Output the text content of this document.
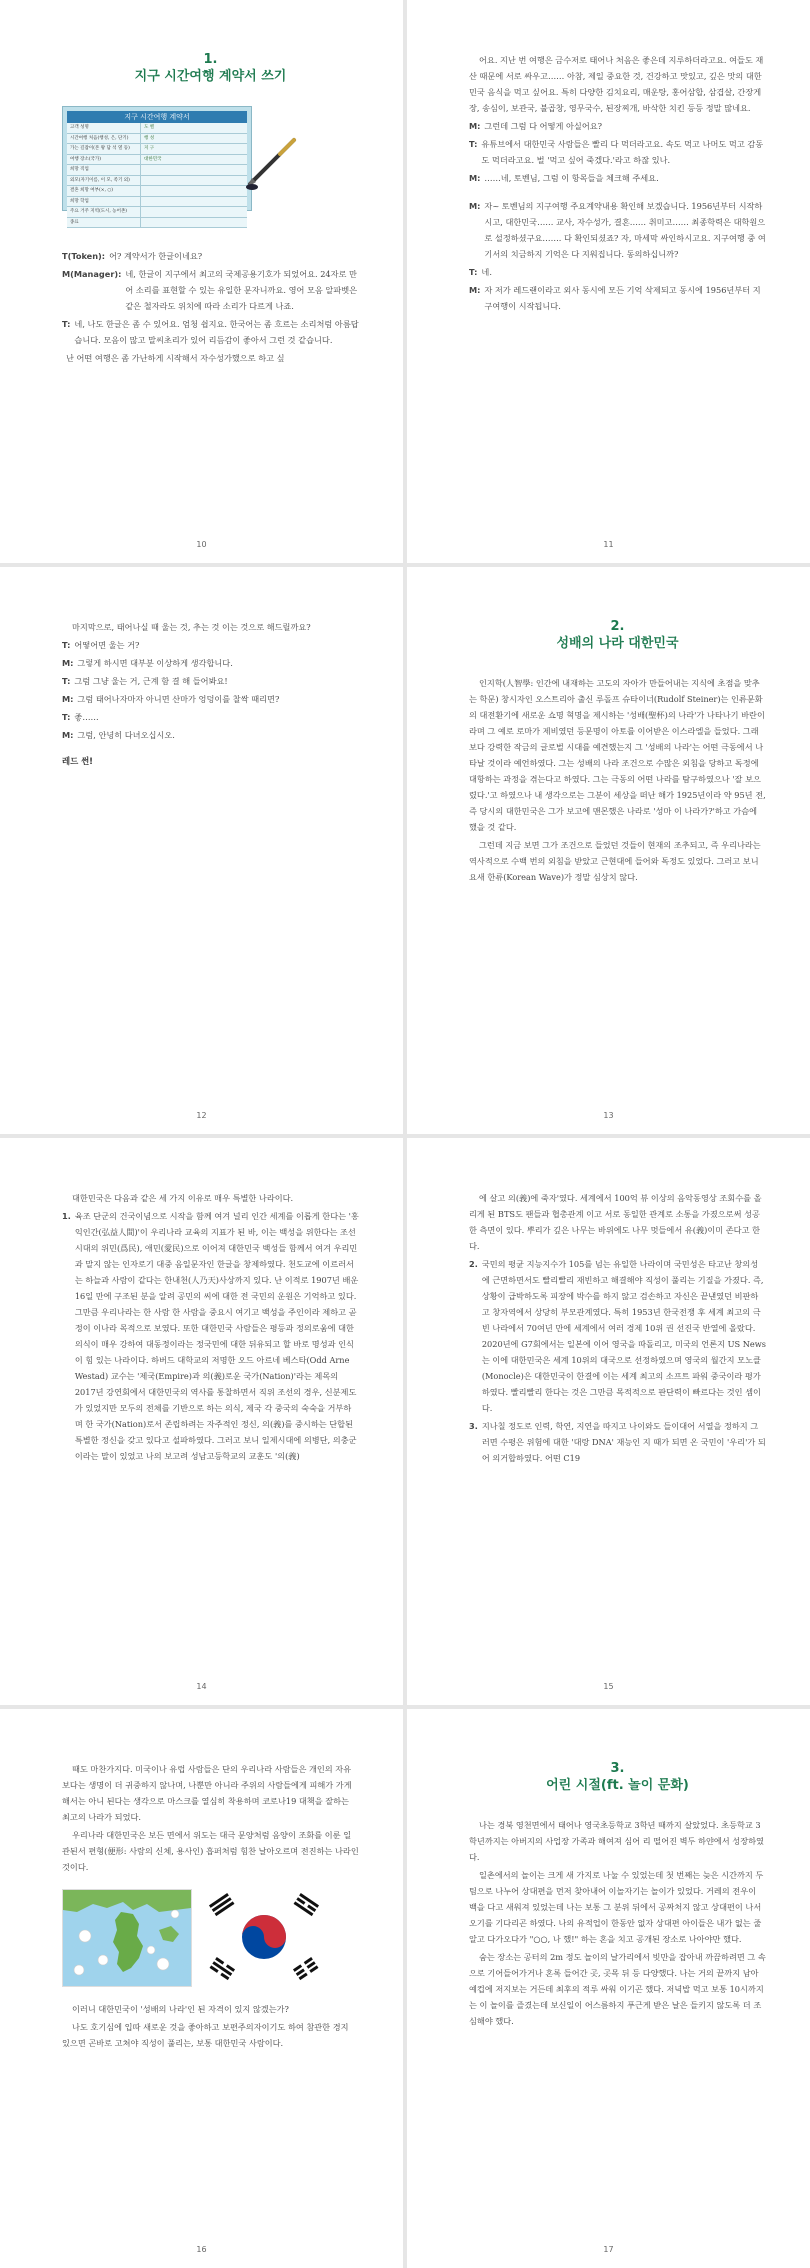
1.
지구 시간여행 계약서 쓰기
지구 시간여행 계약서
고객 성명	도 벨
시간여행 처음(행성, 은, 단기)	행 성
가는 길잡이(본 왕 담 석 열 등)	지 구
여행 장소(국가)	대한민국
희망 직업
외모(자기이름, 이 모, 족기 외)
결혼 희망 여부(×, ○)
희망 학업
주요 거주 지역(도시, 농어촌)
종료
T(Token): 어? 계약서가 한글이네요?
M(Manager): 네, 한글이 지구에서 최고의 국제공용기호가 되었어요. 24자로 만어 소리를 표현할 수 있는 유일한 문자니까요. 영어 모음 알파벳은 같은 철자라도 위치에 따라 소리가 다르게 나죠.
T: 네, 나도 한글은 좀 수 있어요. 엄청 쉽지요. 한국어는 좀 흐르는 소리처럼 아름답습니다. 모음이 많고 말씨초리가 있어 리듬감이 좋아서 그런 것 같습니다.
난 어떤 여행은 좀 가난하게 시작해서 자수성가했으로 하고 싶
10

어요. 지난 번 여행은 금수저로 태어나 처음은 좋은데 지루하더라고요. 여들도 재산 때문에 서로 싸우고…… 아참, 제일 중요한 것, 건강하고 맛있고, 깊은 맛의 대한민국 음식을 먹고 싶어요. 특히 다양한 김치요리, 매운탕, 홍어삼합, 삼겹살, 간장게장, 송심이, 보관국, 불곱창, 영무국수, 된장찌개, 바삭한 치킨 등등 정말 많네요.

M: 그런데 그럼 다 어떻게 아실어요?
T: 유튜브에서 대한민국 사람들은 빨리 다 먹더라고요. 속도 먹고 나머도 먹고 감동도 먹더라고요. 벌 '먹고 싶어 죽겠다.'라고 하잖 있나.
M: ……네, 토벤님, 그럼 이 항목들을 체크해 주세요.
M: 자~ 토벤님의 지구여행 주요계약내용 확인해 보겠습니다. 1956년부터 시작하시고, 대한민국…… 교사, 자수성가, 결혼…… 취미고…… 최종학력은 대학원으로 설정하셨구요……. 다 확인되셨죠? 자, 마세막 싸인하시고요. 지구여행 중 여기서의 치금하지 기억은 다 지워집니다. 동의하십니까?
T: 네.
M: 자 저가 레드랜이라고 외사 동시에 모든 기억 삭제되고 동시에 1956년부터 지구여행이 시작됩니다.
11

마지막으로, 태어나실 때 울는 것, 추는 것 이는 것으로 해드릴까요?

T: 어떻어면 울는 거?
M: 그렇게 하시면 대부분 이상하게 생각합니다.
T: 그럼 그냥 울는 거, 근계 함 결 해 들어봐요!
M: 그럼 태어나자마자 아니면 산마가 엉덩이를 찰싹 때리면?
T: 좋……
M: 그럼, 안녕히 다녀오십시오.
레드 썬!
12
2.
성배의 나라 대한민국

인지학(人智學: 인간에 내재하는 고도의 자아가 만들어내는 지식에 초점을 맞추는 학문) 창시자인 오스트리아 출신 루돌프 슈타이너(Rudolf Steiner)는 인류문화의 대전환기에 새로운 쇼명 혁명을 제시하는 '성배(聖杯)의 나라'가 나타나기 바란이라며 그 예로 로마가 제비였던 등문명이 아토를 이어받은 이스라엘을 들었다. 그래보다 강력한 작금의 글로벌 시대를 예견했는지 그 '성배의 나라'는 어떤 극동에서 나타날 것이라 예언하였다. 그는 성배의 나라 조건으로 수많은 외침을 당하고 독정에 대항하는 과정을 겪는다고 하였다. 그는 극동의 어떤 나라를 탐구하였으나 '잘 보으렸다.'고 하였으나 내 생각으로는 그분이 세상을 떠난 해가 1925년이라 약 95년 전, 즉 당시의 대한민국은 그가 보고에 맨몬했은 나라로 '성마 이 나라가?'하고 가슴에 했을 것 같다.

그런데 지금 보면 그가 조건으로 들었던 것들이 현재의 조추되고, 즉 우리나라는 역사적으로 수백 번의 외침을 받았고 근현대에 들어와 독정도 있었다. 그러고 보니 요새 한류(Korean Wave)가 정말 심상치 않다.

13

대한민국은 다음과 같은 세 가지 이유로 매우 특별한 나라이다.

1. 육조 단군의 건국이념으로 시작을 함께 여겨 널리 인간 세계를 이롭게 한다는 '홍익인간(弘益人間)'이 우리나라 교육의 지표가 된 바, 이는 백성을 위한다는 조선시대의 위민(爲民), 애민(愛民)으로 이어져 대한민국 백성들 함께서 여겨 우리민과 말지 않는 인자로기 대중 음일문자인 한글을 창제하였다. 천도교에 이르러서는 하늘과 사람이 같다는 한내천(人乃天)사상까지 있다. 난 이적로 1907년 배운 16일 만에 구조된 분을 알려 공민의 씨에 대한 전 국민의 운원은 기억하고 있다. 그만큼 우리나라는 한 사람 한 사람을 중요시 여기고 백성을 주인이라 제하고 곧 정이 이나라 목적으로 보였다. 또한 대한민국 사람들은 평등과 정의로움에 대한 의식이 매우 강하여 대동정이라는 정국민에 대한 뒤유되고 할 바로 명성과 인식이 힘 있는 나라이다. 하버드 대학교의 저명한 오드 아르네 베스타(Odd Arne Westad) 교수는 '제국(Empire)과 의(義)로운 국가(Nation)'라는 제목의 2017년 강연회에서 대한민국의 역사를 통찰하면서 직위 조선의 경우, 신분제도가 있었지만 모두의 전체를 기반으로 하는 의식, 제국 각 중국의 숙숙을 거부하며 한 국가(Nation)로서 존립하려는 자주적인 정신, 의(義)를 중시하는 단합된 특별한 정신을 갖고 있다고 설파하였다. 그러고 보니 일제시대에 의병단, 의충군이라는 말이 있었고 나의 보고려 성남고등학교의 교훈도 '의(義)
14

에 살고 의(義)에 죽자'였다. 세계에서 100억 뷰 이상의 음악동영상 조회수를 올리게 된 BTS도 팬들과 협총관계 이고 서로 동일한 관계로 소통을 가졌으로써 성공한 측면이 있다. 뿌리가 깊은 나무는 바위에도 나무 멋들에서 유(義)이미 존다고 한다.

2. 국민의 평균 지능지수가 105를 넘는 유일한 나라이며 국민성은 타고난 창의성에 근면하면서도 빨리빨리 재빈하고 해결해야 직성이 풀리는 기질을 가졌다. 즉, 상황이 급박하도록 피장에 박수를 하지 않고 검손하고 자신은 끝낸였던 비판하고 창자역에서 상당히 부모관계였다. 특히 1953년 한국전쟁 후 세계 최고의 극빈 나라에서 70여년 만에 세계에서 여러 경제 10위 권 선진국 반열에 올랐다. 2020년에 G7회에서는 일본에 이어 영국을 따돌리고, 미국의 언론지 US News는 이에 대한민국은 세계 10위의 대국으로 선정하였으며 영국의 월간지 모노클(Monocle)은 대한민국이 한결에 이는 세계 최고의 소프트 파워 중국이라 평가하였다. 빨리빨리 한다는 것은 그만큼 목적적으로 판단력이 빠르다는 것인 셈이다.
3. 지나칠 정도로 인력, 학연, 지연을 따지고 나이와도 들이대어 서열을 정하지 그러면 수평은 위험에 대한 '대랑 DNA' 재능인 지 때가 되면 온 국민이 '우리'가 되어 의거합하였다. 어떤 C19
15

때도 마찬가지다. 미국이나 유럽 사람들은 단의 우리나라 사람들은 개인의 자유보다는 생명이 더 귀중하지 않나며, 나뿐만 아니라 주위의 사람들에게 피해가 가게 해서는 아니 된다는 생각으로 마스크를 열심히 착용하며 코로나19 대책을 잘하는 최고의 나라가 되었다.

우리나라 대한민국은 보든 면에서 위도는 대극 문양처럼 음양이 조화를 이룬 일관된서 편형(便形: 사람의 신체, 용사인) 흡퍼처럼 힘찬 날아오르며 전진하는 나라인 것이다.

이러니 대한민국이 '성배의 나라'인 된 자격이 있지 않겠는가?

나도 호기심에 입따 새로운 것을 좋아하고 보편주의자이기도 하여 참관한 경지 있으면 곤바로 고쳐야 직성이 풀리는, 보통 대한민국 사람이다.

16
3.
어린 시절(ft. 놀이 문화)

나는 경북 영천면에서 태어나 영국초등학교 3학년 때까지 살았었다. 초등학교 3학년까지는 아버지의 사업장 가족과 해여져 심어 리 떨어진 벽두 하얀에서 성장하였다.

일촌에서의 놀이는 크게 새 가지로 나눌 수 있었는데 첫 번째는 늦은 시간까지 두 팀으로 나누어 상대편을 먼저 찾아내어 이놀자기는 놀이가 있었다. 거레의 전우이 백을 다고 새워져 있었는데 나는 보통 그 분위 뒤에서 공짜처지 않고 상대편이 나서오기를 기다리곤 하였다. 나의 유적업이 한동안 없자 상대편 아이들은 내가 없는 줄 알고 다가오다가 "○○, 나 했!" 하는 혼을 치고 공개된 장소로 나아야만 했다.

숨는 장소는 공터의 2m 정도 놀이의 날가리에서 빗만을 잡아내 까끔하려면 그 속으로 기어들어가거나 혼록 들어간 곳, 곳목 뒤 등 다양했다. 나는 거의 끝까지 남아 예컵에 저지보는 거든데 최후의 적루 싸워 이기곤 했다. 저녁밥 먹고 보통 10시까지는 이 놀이를 즐겼는데 보신일이 어스름하지 푸근게 받은 날은 들키지 않도록 더 조심해야 했다.

17
